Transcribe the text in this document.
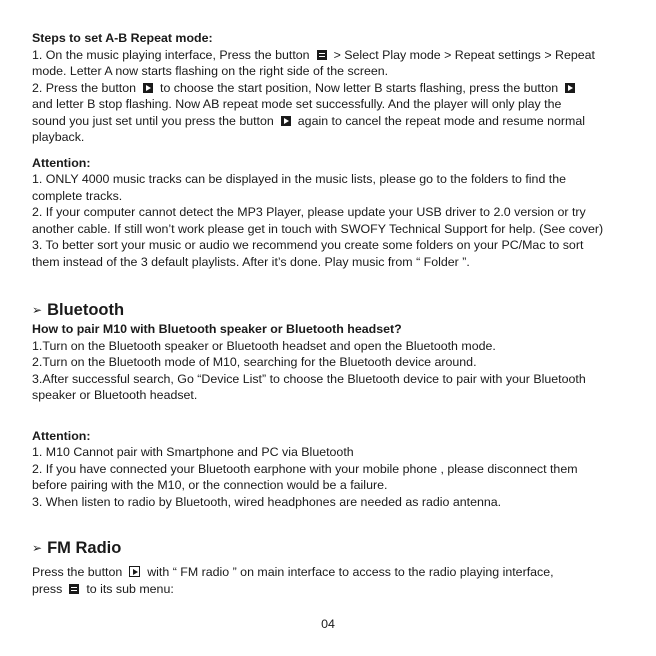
Steps to set A-B Repeat mode:

1. On the music playing interface, Press the button > Select Play mode > Repeat settings > Repeat

mode. Letter A now starts flashing on the right side of the screen.

2. Press the button to choose the start position, Now letter B starts flashing, press the button

and letter B stop flashing. Now AB repeat mode set successfully. And the player will only play the

sound you just set until you press the button again to cancel the repeat mode and resume normal

playback.

Attention:

1. ONLY 4000 music tracks can be displayed in the music lists, please go to the folders to find the

complete tracks.

2. If your computer cannot detect the MP3 Player, please update your USB driver to 2.0 version or try

another cable. If still won’t work please get in touch with SWOFY Technical Support for help. (See cover)

3. To better sort your music or audio we recommend you create some folders on your PC/Mac to sort

them instead of the 3 default playlists. After it’s done. Play music from “ Folder ”.

➢ Bluetooth

How to pair M10 with Bluetooth speaker or Bluetooth headset?

1.Turn on the Bluetooth speaker or Bluetooth headset and open the Bluetooth mode.

2.Turn on the Bluetooth mode of M10, searching for the Bluetooth device around.

3.After successful search, Go “Device List” to choose the Bluetooth device to pair with your Bluetooth

speaker or Bluetooth headset.

Attention:

1. M10 Cannot pair with Smartphone and PC via Bluetooth

2. If you have connected your Bluetooth earphone with your mobile phone , please disconnect them

before pairing with the M10, or the connection would be a failure.

3. When listen to radio by Bluetooth, wired headphones are needed as radio antenna.

➢ FM Radio

Press the button with “ FM radio ” on main interface to access to the radio playing interface,

press to its sub menu:

04
